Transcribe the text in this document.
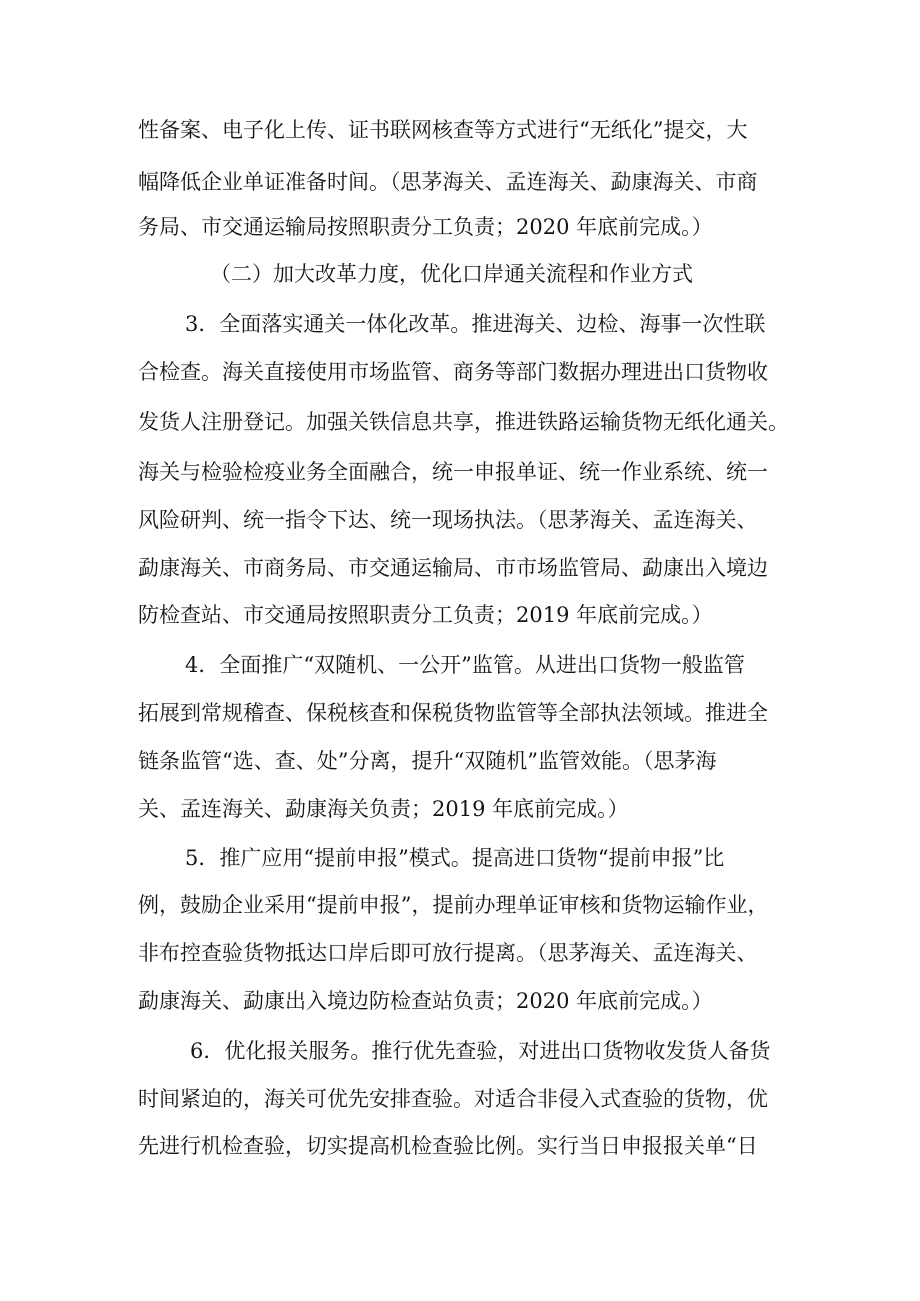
性备案、电子化上传、证书联网核查等方式进行“无纸化”提交，大
幅降低企业单证准备时间。（思茅海关、孟连海关、勐康海关、市商
务局、市交通运输局按照职责分工负责；2020 年底前完成。）
（二）加大改革力度，优化口岸通关流程和作业方式
3．全面落实通关一体化改革。推进海关、边检、海事一次性联
合检查。海关直接使用市场监管、商务等部门数据办理进出口货物收
发货人注册登记。加强关铁信息共享，推进铁路运输货物无纸化通关。
海关与检验检疫业务全面融合，统一申报单证、统一作业系统、统一
风险研判、统一指令下达、统一现场执法。（思茅海关、孟连海关、
勐康海关、市商务局、市交通运输局、市市场监管局、勐康出入境边
防检查站、市交通局按照职责分工负责；2019 年底前完成。）
4．全面推广“双随机、一公开”监管。从进出口货物一般监管
拓展到常规稽查、保税核查和保税货物监管等全部执法领域。推进全
链条监管“选、查、处”分离，提升“双随机”监管效能。（思茅海
关、孟连海关、勐康海关负责；2019 年底前完成。）
5．推广应用“提前申报”模式。提高进口货物“提前申报”比
例，鼓励企业采用“提前申报”，提前办理单证审核和货物运输作业，
非布控查验货物抵达口岸后即可放行提离。（思茅海关、孟连海关、
勐康海关、勐康出入境边防检查站负责；2020 年底前完成。）
6．优化报关服务。推行优先查验，对进出口货物收发货人备货
时间紧迫的，海关可优先安排查验。对适合非侵入式查验的货物，优
先进行机检查验，切实提高机检查验比例。实行当日申报报关单“日
